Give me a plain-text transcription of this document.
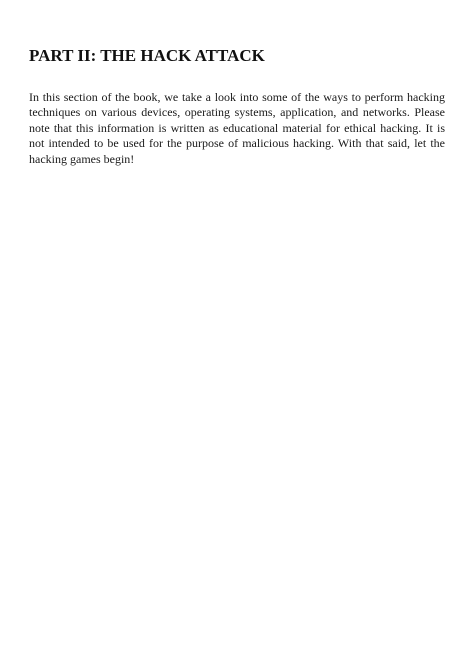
PART II: THE HACK ATTACK

In this section of the book, we take a look into some of the ways to perform hacking techniques on various devices, operating systems, application, and networks. Please note that this information is written as educational material for ethical hacking. It is not intended to be used for the purpose of malicious hacking. With that said, let the hacking games begin!
